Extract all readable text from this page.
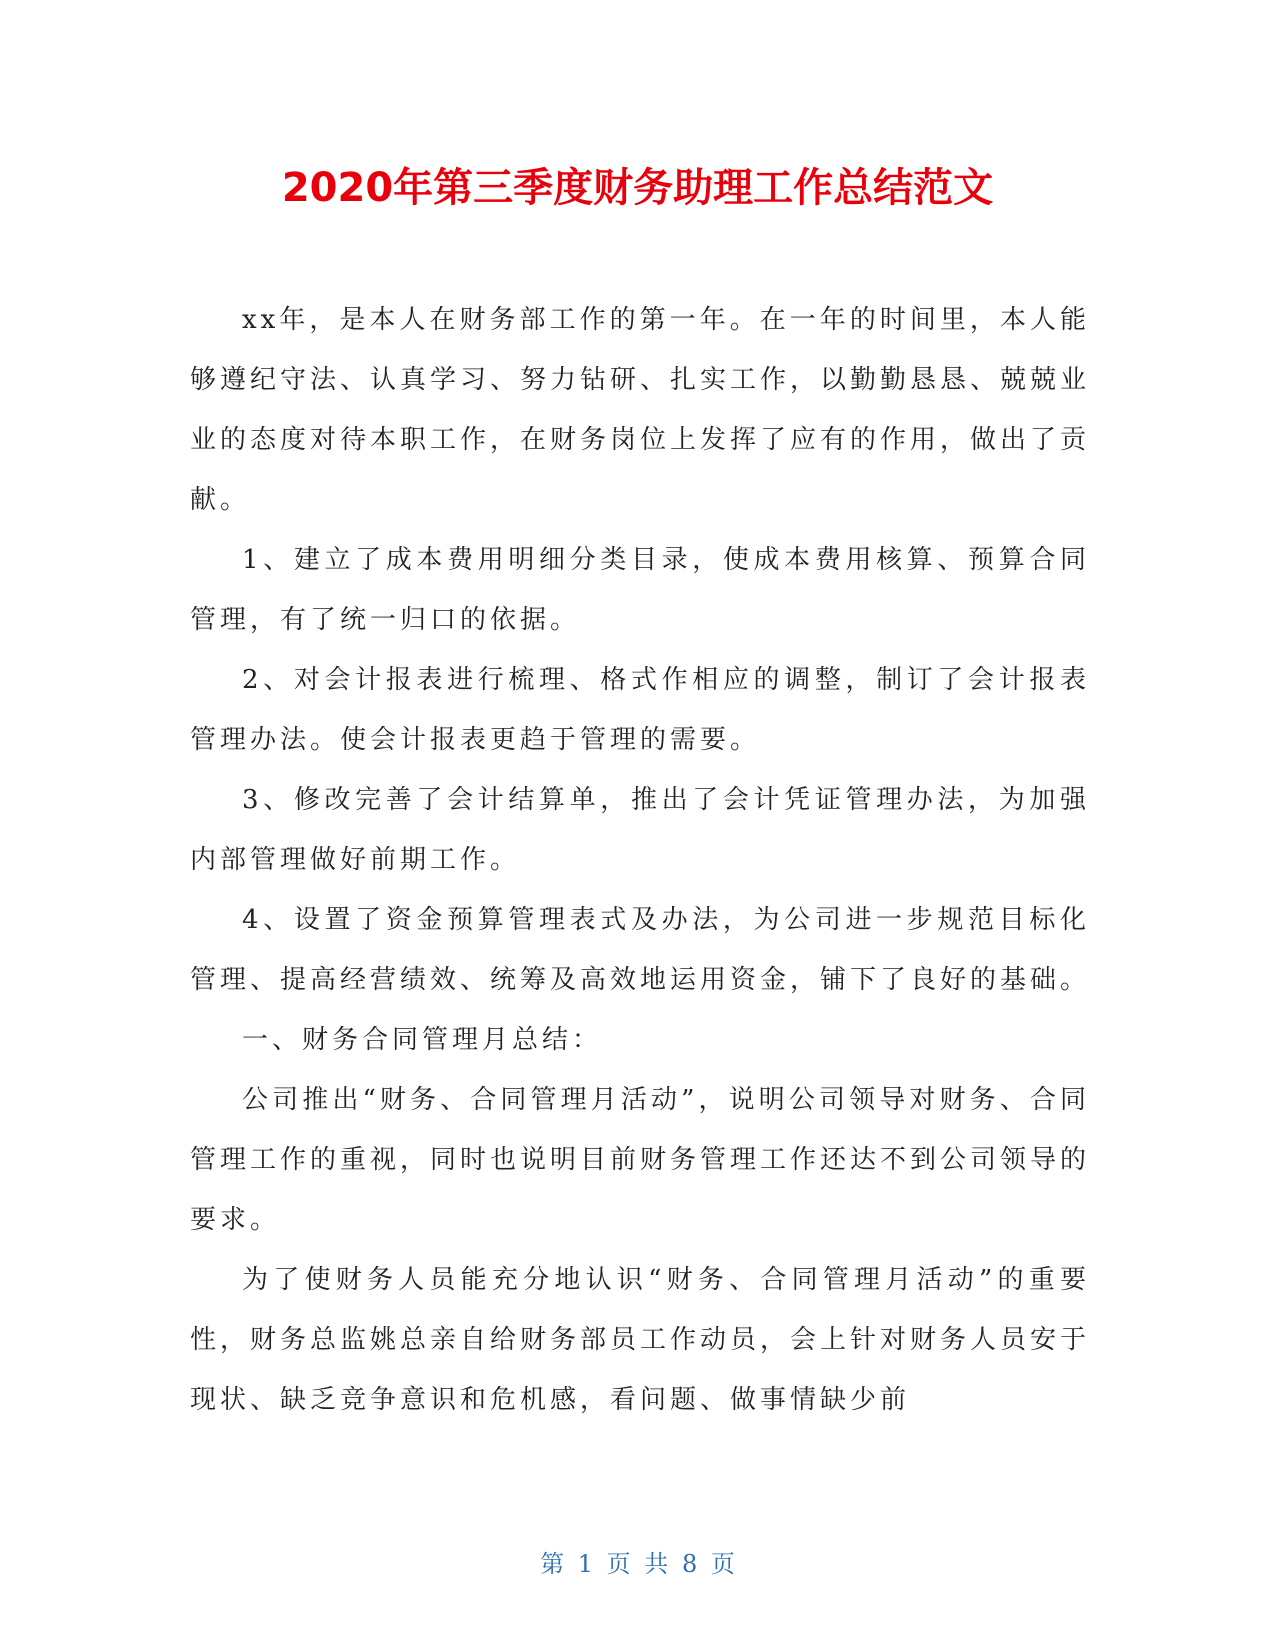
2020年第三季度财务助理工作总结范文

xx年，是本人在财务部工作的第一年。在一年的时间里，本人能够遵纪守法、认真学习、努力钻研、扎实工作，以勤勤恳恳、兢兢业业的态度对待本职工作，在财务岗位上发挥了应有的作用，做出了贡献。

1、建立了成本费用明细分类目录，使成本费用核算、预算合同管理，有了统一归口的依据。

2、对会计报表进行梳理、格式作相应的调整，制订了会计报表管理办法。使会计报表更趋于管理的需要。

3、修改完善了会计结算单，推出了会计凭证管理办法，为加强内部管理做好前期工作。

4、设置了资金预算管理表式及办法，为公司进一步规范目标化管理、提高经营绩效、统筹及高效地运用资金，铺下了良好的基础。

一、财务合同管理月总结：

公司推出“财务、合同管理月活动”，说明公司领导对财务、合同管理工作的重视，同时也说明目前财务管理工作还达不到公司领导的要求。

为了使财务人员能充分地认识“财务、合同管理月活动”的重要性，财务总监姚总亲自给财务部员工作动员，会上针对财务人员安于现状、缺乏竞争意识和危机感，看问题、做事情缺少前

第 1 页 共 8 页
